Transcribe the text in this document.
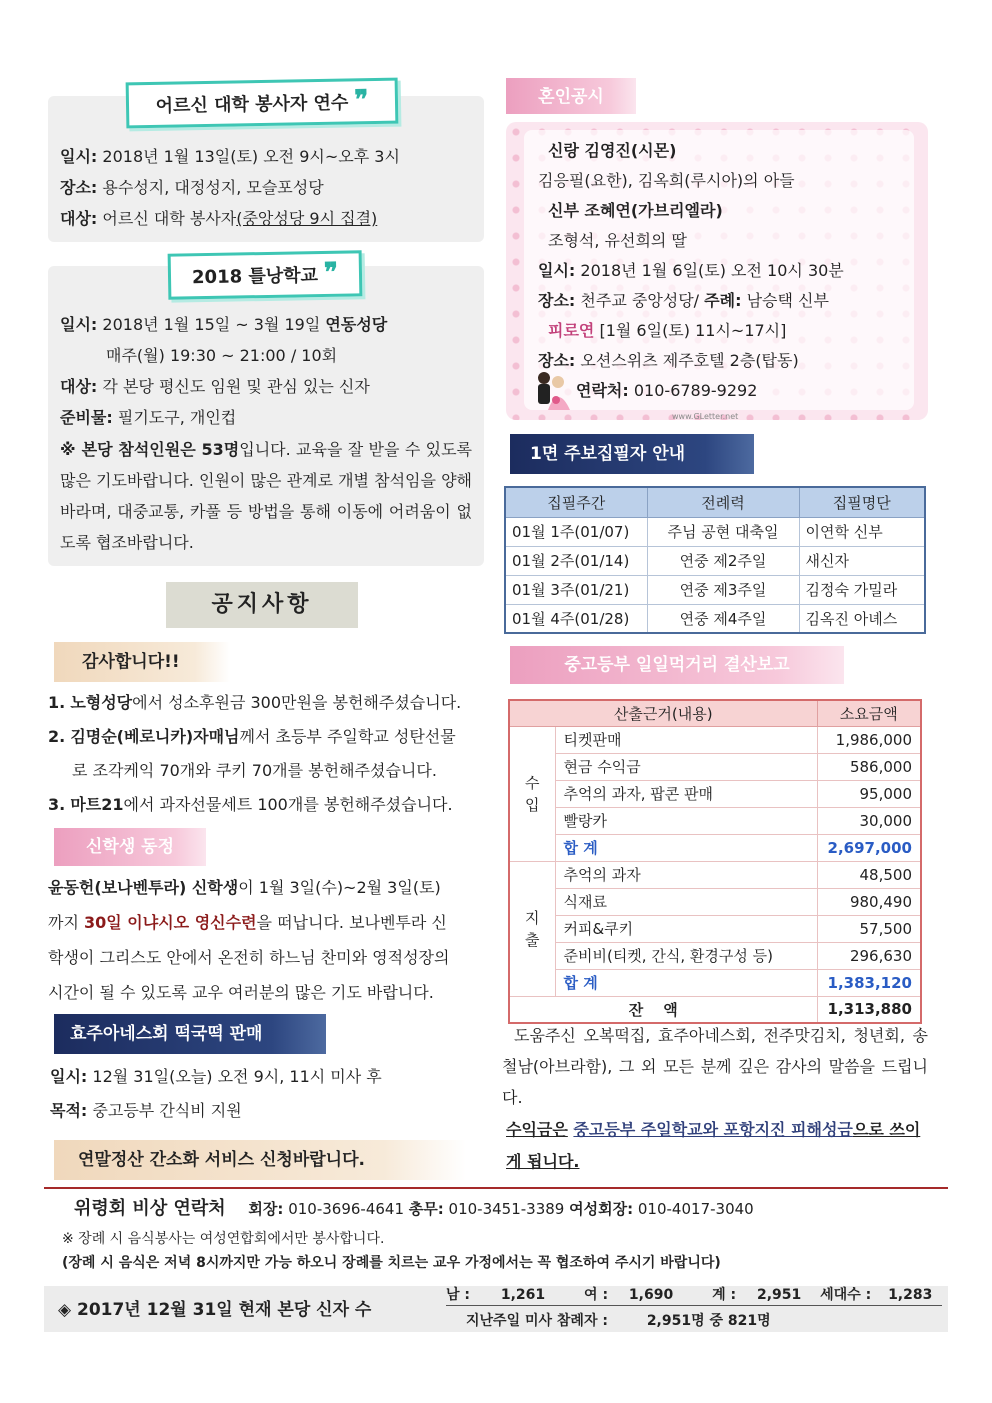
어르신 대학 봉사자 연수 ❞
일시: 2018년 1월 13일(토) 오전 9시~오후 3시
장소: 용수성지, 대정성지, 모슬포성당
대상: 어르신 대학 봉사자(중앙성당 9시 집결)
2018 틀낭학교 ❞
일시: 2018년 1월 15일 ~ 3월 19일 연동성당
매주(월) 19:30 ~ 21:00 / 10회
대상: 각 본당 평신도 임원 및 관심 있는 신자
준비물: 필기도구, 개인컵
※ 본당 참석인원은 53명입니다. 교육을 잘 받을 수 있도록 많은 기도바랍니다. 인원이 많은 관계로 개별 참석임을 양해바라며, 대중교통, 카풀 등 방법을 통해 이동에 어려움이 없도록 협조바랍니다.
공지사항
감사합니다!!
1. 노형성당에서 성소후원금 300만원을 봉헌해주셨습니다.
2. 김명순(베로니카)자매님께서 초등부 주일학교 성탄선물
로 조각케익 70개와 쿠키 70개를 봉헌해주셨습니다.
3. 마트21에서 과자선물세트 100개를 봉헌해주셨습니다.
신학생 동정
윤동헌(보나벤투라) 신학생이 1월 3일(수)~2월 3일(토)
까지 30일 이냐시오 영신수련을 떠납니다. 보나벤투라 신
학생이 그리스도 안에서 온전히 하느님 찬미와 영적성장의
시간이 될 수 있도록 교우 여러분의 많은 기도 바랍니다.
효주아네스회 떡국떡 판매
일시: 12월 31일(오늘) 오전 9시, 11시 미사 후
목적: 중고등부 간식비 지원
연말정산 간소화 서비스 신청바랍니다.
혼인공시
신랑 김영진(시몬)
김응필(요한), 김옥희(루시아)의 아들
신부 조혜연(가브리엘라)
조형석, 유선희의 딸
일시: 2018년 1월 6일(토) 오전 10시 30분
장소: 천주교 중앙성당/ 주례: 남승택 신부
피로연 [1월 6일(토) 11시~17시]
장소: 오션스위츠 제주호텔 2층(탑동)
연락처: 010-6789-9292
www.GLetter.net
1면 주보집필자 안내
집필주간	전례력	집필명단
01월 1주(01/07)	주님 공현 대축일	이연학 신부
01월 2주(01/14)	연중 제2주일	새신자
01월 3주(01/21)	연중 제3주일	김정숙 가밀라
01월 4주(01/28)	연중 제4주일	김옥진 아녜스
중고등부 일일먹거리 결산보고
산출근거(내용)		소요금액
수
입	티켓판매	1,986,000
	현금 수익금	586,000
	추억의 과자, 팝콘 판매	95,000
	빨랑카	30,000
	합 계	2,697,000
지
출	추억의 과자	48,500
	식재료	980,490
	커피&쿠키	57,500
	준비비(티켓, 간식, 환경구성 등)	296,630
	합 계	1,383,120
잔액		1,313,880
도움주신 오복떡집, 효주아네스회, 전주맛김치, 청년회, 송철남(아브라함), 그 외 모든 분께 깊은 감사의 말씀을 드립니다.
수익금은 중고등부 주일학교와 포항지진 피해성금으로 쓰이게 됩니다.
위령회 비상 연락처 회장: 010-3696-4641 총무: 010-3451-3389 여성회장: 010-4017-3040
※ 장례 시 음식봉사는 여성연합회에서만 봉사합니다.
(장례 시 음식은 저녁 8시까지만 가능 하오니 장례를 치르는 교우 가정에서는 꼭 협조하여 주시기 바랍니다)
◈ 2017년 12월 31일 현재 본당 신자 수
남 : 1,261	여 : 1,690	계 : 2,951 세대수 : 1,283
지난주일 미사 참례자 :	2,951명 중 821명
